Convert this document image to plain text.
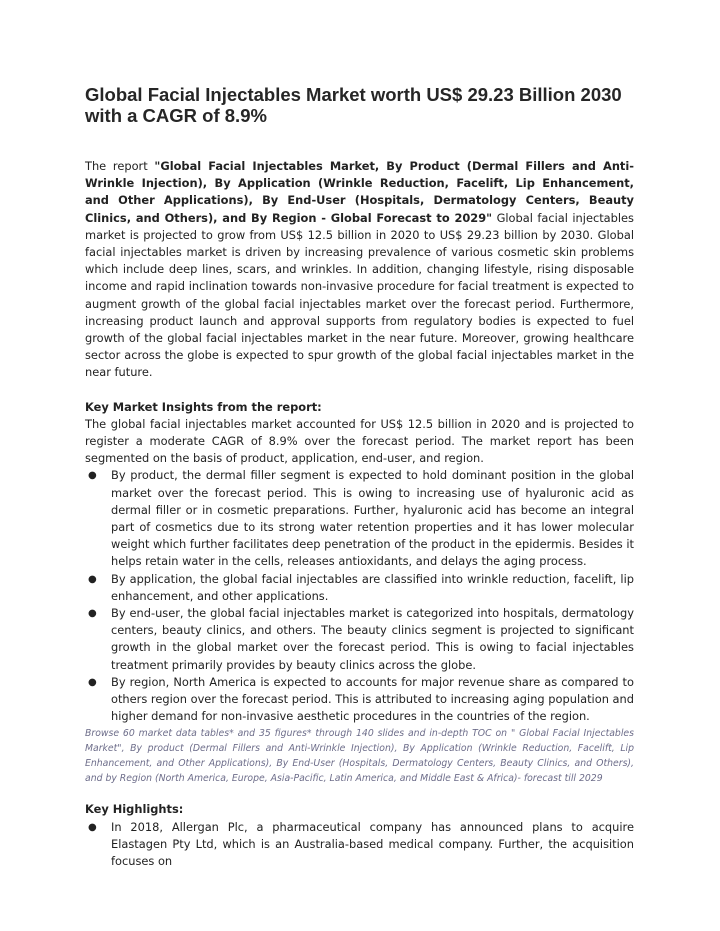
Global Facial Injectables Market worth US$ 29.23 Billion 2030 with a CAGR of 8.9%

The report "Global Facial Injectables Market, By Product (Dermal Fillers and Anti-Wrinkle Injection), By Application (Wrinkle Reduction, Facelift, Lip Enhancement, and Other Applications), By End-User (Hospitals, Dermatology Centers, Beauty Clinics, and Others), and By Region - Global Forecast to 2029" Global facial injectables market is projected to grow from US$ 12.5 billion in 2020 to US$ 29.23 billion by 2030. Global facial injectables market is driven by increasing prevalence of various cosmetic skin problems which include deep lines, scars, and wrinkles. In addition, changing lifestyle, rising disposable income and rapid inclination towards non-invasive procedure for facial treatment is expected to augment growth of the global facial injectables market over the forecast period. Furthermore, increasing product launch and approval supports from regulatory bodies is expected to fuel growth of the global facial injectables market in the near future. Moreover, growing healthcare sector across the globe is expected to spur growth of the global facial injectables market in the near future.

Key Market Insights from the report:

The global facial injectables market accounted for US$ 12.5 billion in 2020 and is projected to register a moderate CAGR of 8.9% over the forecast period. The market report has been segmented on the basis of product, application, end-user, and region.

● By product, the dermal filler segment is expected to hold dominant position in the global market over the forecast period. This is owing to increasing use of hyaluronic acid as dermal filler or in cosmetic preparations. Further, hyaluronic acid has become an integral part of cosmetics due to its strong water retention properties and it has lower molecular weight which further facilitates deep penetration of the product in the epidermis. Besides it helps retain water in the cells, releases antioxidants, and delays the aging process.
● By application, the global facial injectables are classified into wrinkle reduction, facelift, lip enhancement, and other applications.
● By end-user, the global facial injectables market is categorized into hospitals, dermatology centers, beauty clinics, and others. The beauty clinics segment is projected to significant growth in the global market over the forecast period. This is owing to facial injectables treatment primarily provides by beauty clinics across the globe.
● By region, North America is expected to accounts for major revenue share as compared to others region over the forecast period. This is attributed to increasing aging population and higher demand for non-invasive aesthetic procedures in the countries of the region.

Browse 60 market data tables* and 35 figures* through 140 slides and in-depth TOC on " Global Facial Injectables Market", By product (Dermal Fillers and Anti-Wrinkle Injection), By Application (Wrinkle Reduction, Facelift, Lip Enhancement, and Other Applications), By End-User (Hospitals, Dermatology Centers, Beauty Clinics, and Others), and by Region (North America, Europe, Asia-Pacific, Latin America, and Middle East & Africa)- forecast till 2029

Key Highlights:

● In 2018, Allergan Plc, a pharmaceutical company has announced plans to acquire Elastagen Pty Ltd, which is an Australia-based medical company. Further, the acquisition focuses on
